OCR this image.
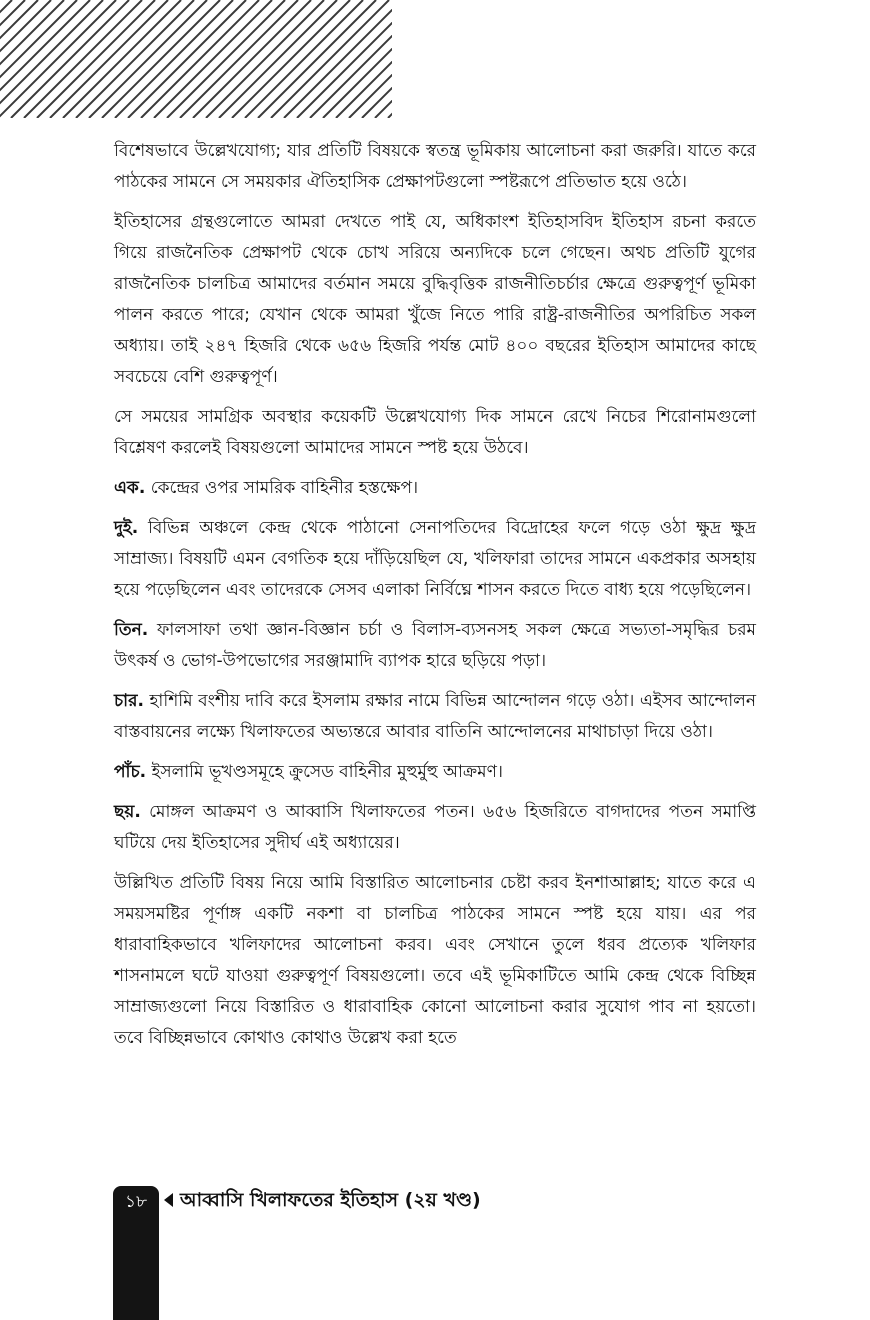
বিশেষভাবে উল্লেখযোগ্য; যার প্রতিটি বিষয়কে স্বতন্ত্র ভূমিকায় আলোচনা করা জরুরি। যাতে করে পাঠকের সামনে সে সময়কার ঐতিহাসিক প্রেক্ষাপটগুলো স্পষ্টরূপে প্রতিভাত হয়ে ওঠে।

ইতিহাসের গ্রন্থগুলোতে আমরা দেখতে পাই যে, অধিকাংশ ইতিহাসবিদ ইতিহাস রচনা করতে গিয়ে রাজনৈতিক প্রেক্ষাপট থেকে চোখ সরিয়ে অন্যদিকে চলে গেছেন। অথচ প্রতিটি যুগের রাজনৈতিক চালচিত্র আমাদের বর্তমান সময়ে বুদ্ধিবৃত্তিক রাজনীতিচর্চার ক্ষেত্রে গুরুত্বপূর্ণ ভূমিকা পালন করতে পারে; যেখান থেকে আমরা খুঁজে নিতে পারি রাষ্ট্র-রাজনীতির অপরিচিত সকল অধ্যায়। তাই ২৪৭ হিজরি থেকে ৬৫৬ হিজরি পর্যন্ত মোট ৪০০ বছরের ইতিহাস আমাদের কাছে সবচেয়ে বেশি গুরুত্বপূর্ণ।

সে সময়ের সামগ্রিক অবস্থার কয়েকটি উল্লেখযোগ্য দিক সামনে রেখে নিচের শিরোনামগুলো বিশ্লেষণ করলেই বিষয়গুলো আমাদের সামনে স্পষ্ট হয়ে উঠবে।

এক. কেন্দ্রের ওপর সামরিক বাহিনীর হস্তক্ষেপ।

দুই. বিভিন্ন অঞ্চলে কেন্দ্র থেকে পাঠানো সেনাপতিদের বিদ্রোহের ফলে গড়ে ওঠা ক্ষুদ্র ক্ষুদ্র সাম্রাজ্য। বিষয়টি এমন বেগতিক হয়ে দাঁড়িয়েছিল যে, খলিফারা তাদের সামনে একপ্রকার অসহায় হয়ে পড়েছিলেন এবং তাদেরকে সেসব এলাকা নির্বিঘ্নে শাসন করতে দিতে বাধ্য হয়ে পড়েছিলেন।

তিন. ফালসাফা তথা জ্ঞান-বিজ্ঞান চর্চা ও বিলাস-ব্যসনসহ সকল ক্ষেত্রে সভ্যতা-সমৃদ্ধির চরম উৎকর্ষ ও ভোগ-উপভোগের সরঞ্জামাদি ব্যাপক হারে ছড়িয়ে পড়া।

চার. হাশিমি বংশীয় দাবি করে ইসলাম রক্ষার নামে বিভিন্ন আন্দোলন গড়ে ওঠা। এইসব আন্দোলন বাস্তবায়নের লক্ষ্যে খিলাফতের অভ্যন্তরে আবার বাতিনি আন্দোলনের মাথাচাড়া দিয়ে ওঠা।

পাঁচ. ইসলামি ভূখণ্ডসমূহে ক্রুসেড বাহিনীর মুহুর্মুহু আক্রমণ।

ছয়. মোঙ্গল আক্রমণ ও আব্বাসি খিলাফতের পতন। ৬৫৬ হিজরিতে বাগদাদের পতন সমাপ্তি ঘটিয়ে দেয় ইতিহাসের সুদীর্ঘ এই অধ্যায়ের।

উল্লিখিত প্রতিটি বিষয় নিয়ে আমি বিস্তারিত আলোচনার চেষ্টা করব ইনশাআল্লাহ; যাতে করে এ সময়সমষ্টির পূর্ণাঙ্গ একটি নকশা বা চালচিত্র পাঠকের সামনে স্পষ্ট হয়ে যায়। এর পর ধারাবাহিকভাবে খলিফাদের আলোচনা করব। এবং সেখানে তুলে ধরব প্রত্যেক খলিফার শাসনামলে ঘটে যাওয়া গুরুত্বপূর্ণ বিষয়গুলো। তবে এই ভূমিকাটিতে আমি কেন্দ্র থেকে বিচ্ছিন্ন সাম্রাজ্যগুলো নিয়ে বিস্তারিত ও ধারাবাহিক কোনো আলোচনা করার সুযোগ পাব না হয়তো। তবে বিচ্ছিন্নভাবে কোথাও কোথাও উল্লেখ করা হতে

১৮	আব্বাসি খিলাফতের ইতিহাস (২য় খণ্ড)
